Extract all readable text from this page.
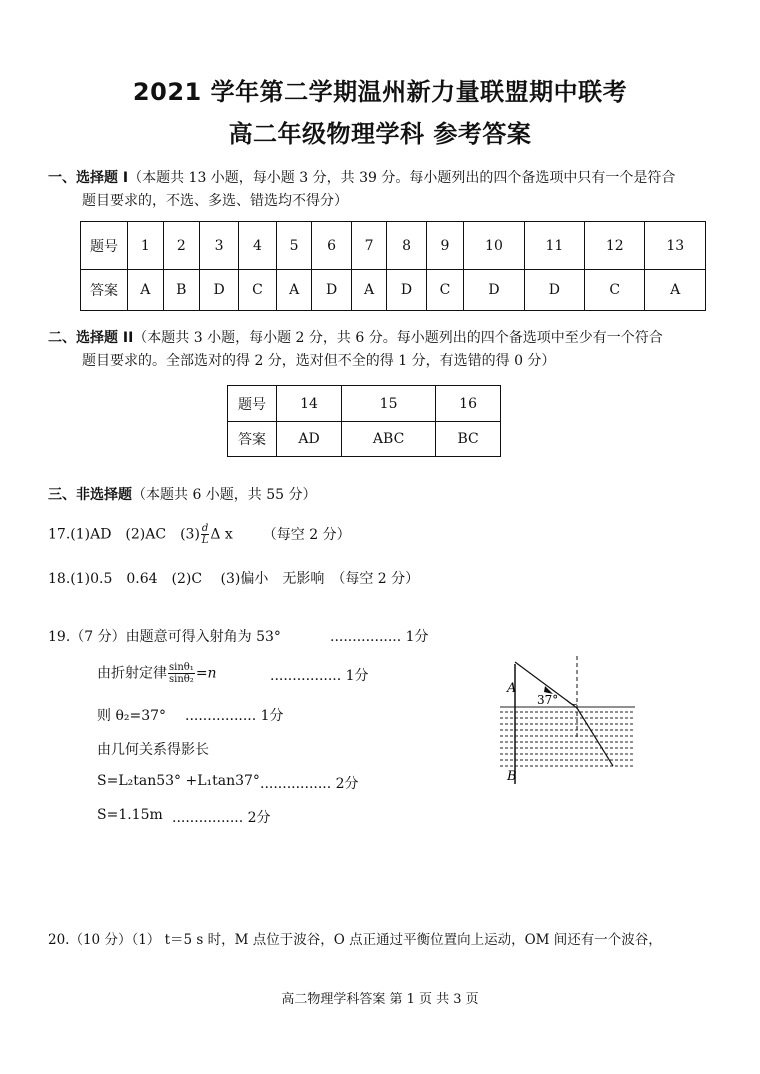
2021 学年第二学期温州新力量联盟期中联考
高二年级物理学科 参考答案
一、选择题 I（本题共 13 小题，每小题 3 分，共 39 分。每小题列出的四个备选项中只有一个是符合
题目要求的，不选、多选、错选均不得分）
题号	1	2	3	4	5	6	7	8	9	10	11	12	13
答案	A	B	D	C	A	D	A	D	C	D	D	C	A
二、选择题 II（本题共 3 小题，每小题 2 分，共 6 分。每小题列出的四个备选项中至少有一个符合
题目要求的。全部选对的得 2 分，选对但不全的得 1 分，有选错的得 0 分）
题号	14	15	16
答案	AD	ABC	BC
三、非选择题（本题共 6 小题，共 55 分）
17.(1)AD　(2)AC　$(3) \frac{d}{L}$ Δ x （每空 2 分）
18.(1)0.5　0.64　(2)C　 (3)偏小　无影响　（每空 2 分）
19.（7 分）由题意可得入射角为 53°	................ 1分
由折射定律 $\frac{\text{sinθ₁}}{\text{sinθ₂}} =n$	................ 1分
则 θ₂=37° ................ 1分
由几何关系得影长
S=L₂tan53° +L₁tan37° ................ 2分
S=1.15m ................ 2分
A
B
37°
20.（10 分）（1） t＝5 s 时，M 点位于波谷，O 点正通过平衡位置向上运动，OM 间还有一个波谷，
高二物理学科答案 第 1 页 共 3 页
